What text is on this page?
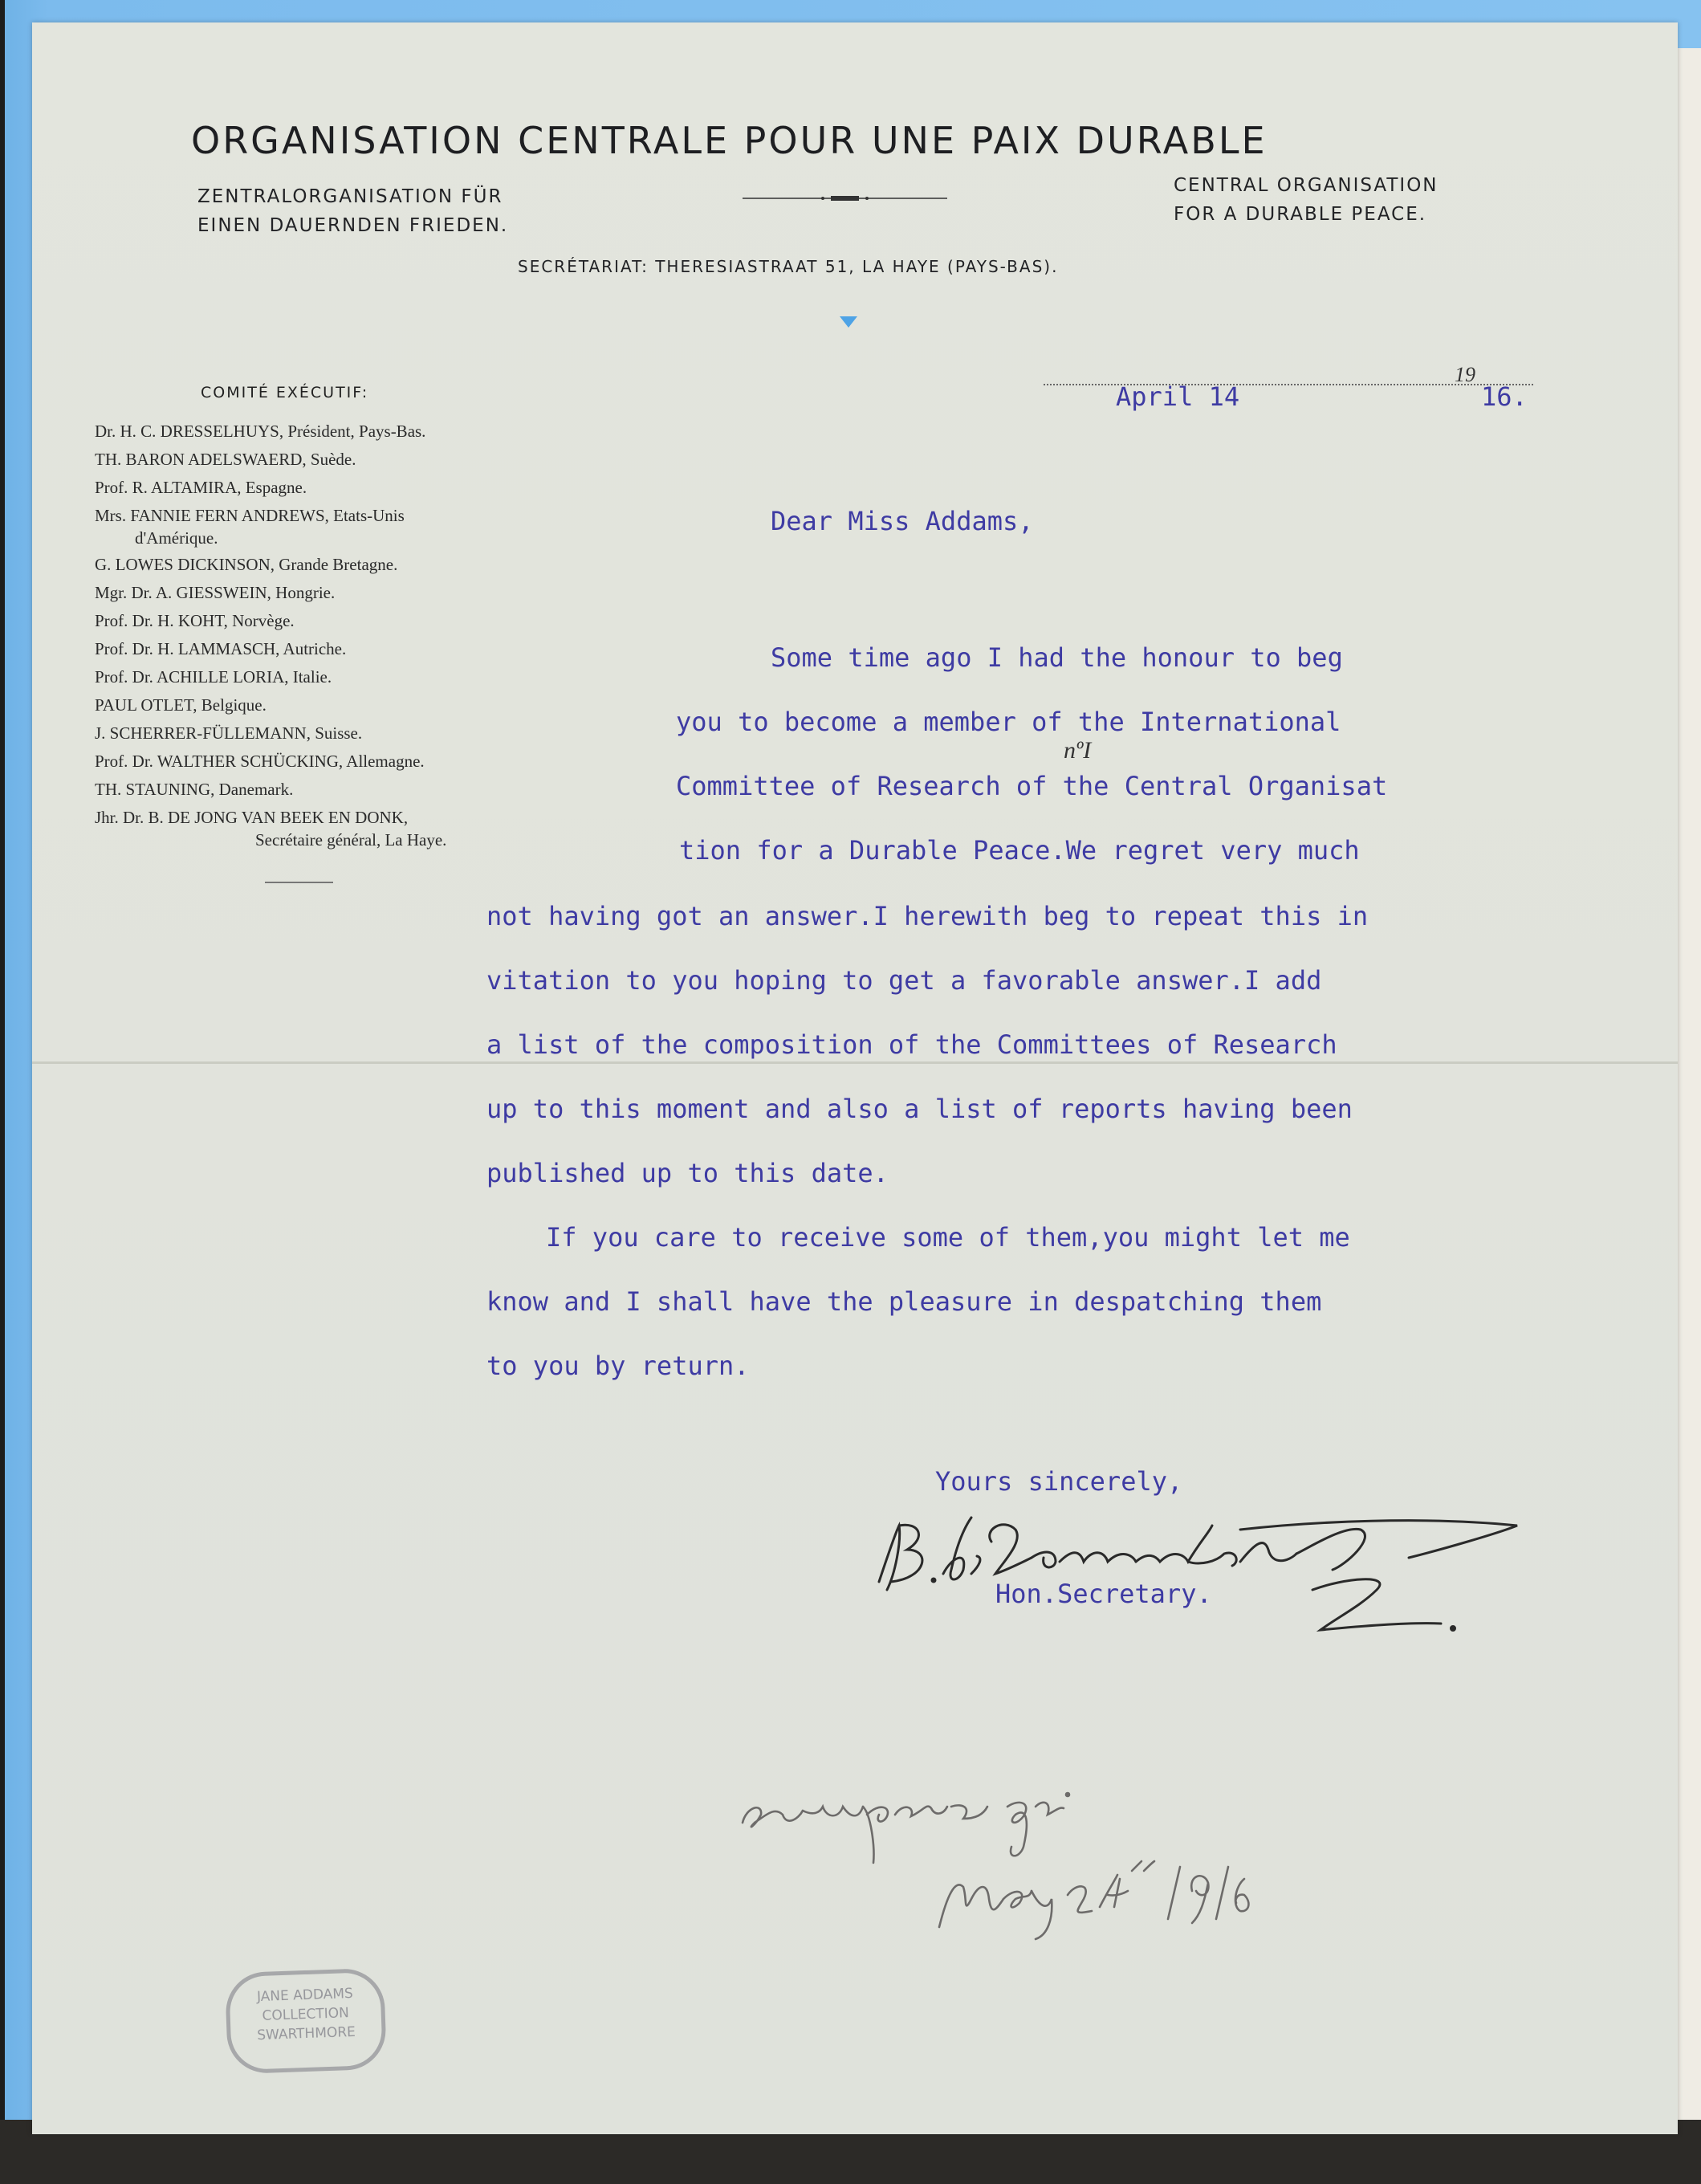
ORGANISATION CENTRALE POUR UNE PAIX DURABLE
ZENTRALORGANISATION FÜR
EINEN DAUERNDEN FRIEDEN.
CENTRAL ORGANISATION
FOR A DURABLE PEACE.
SECRÉTARIAT: THERESIASTRAAT 51, LA HAYE (PAYS-BAS).
COMITÉ EXÉCUTIF:
Dr. H. C. DRESSELHUYS, Président, Pays-Bas.
TH. BARON ADELSWAERD, Suède.
Prof. R. ALTAMIRA, Espagne.
Mrs. FANNIE FERN ANDREWS, Etats-Unis
d'Amérique.
G. LOWES DICKINSON, Grande Bretagne.
Mgr. Dr. A. GIESSWEIN, Hongrie.
Prof. Dr. H. KOHT, Norvège.
Prof. Dr. H. LAMMASCH, Autriche.
Prof. Dr. ACHILLE LORIA, Italie.
PAUL OTLET, Belgique.
J. SCHERRER-FÜLLEMANN, Suisse.
Prof. Dr. WALTHER SCHÜCKING, Allemagne.
TH. STAUNING, Danemark.
Jhr. Dr. B. DE JONG VAN BEEK EN DONK,
Secrétaire général, La Haye.
19
April 14	16.
Dear Miss Addams,
Some time ago I had the honour to beg
you to become a member of the International
Committee of Research of the Central Organisat
nºI
tion for a Durable Peace.We regret very much
not having got an answer.I herewith beg to repeat this in
vitation to you hoping to get a favorable answer.I add
a list of the composition of the Committees of Research
up to this moment and also a list of reports having been
published up to this date.
If you care to receive some of them,you might let me
know and I shall have the pleasure in despatching them
to you by return.
Yours sincerely,
Hon.Secretary.
JANE ADDAMS
COLLECTION
SWARTHMORE
